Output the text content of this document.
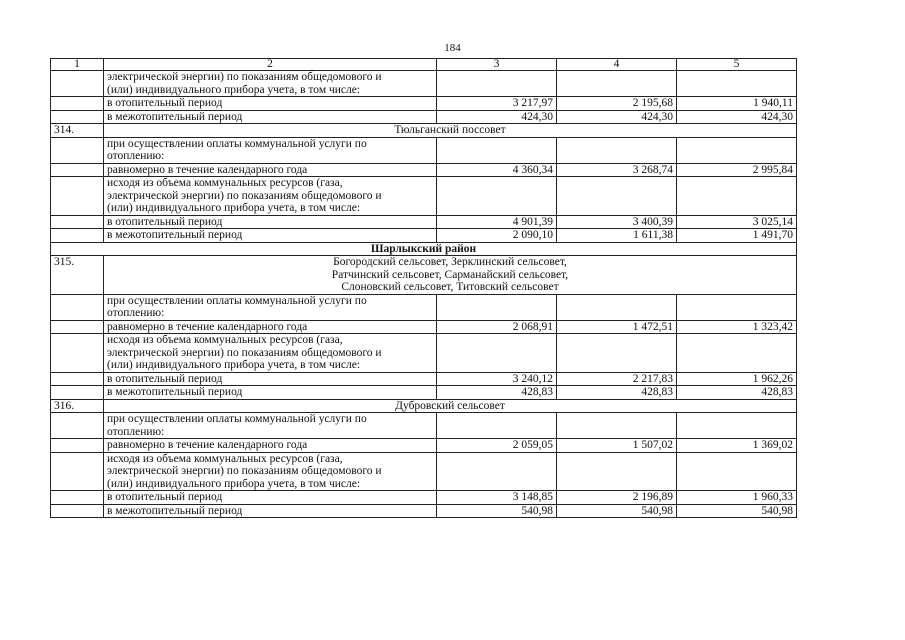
184
1	2	3	4	5

	электрической энергии) по показаниям общедомового и
(или) индивидуального прибора учета, в том числе:			

	в отопительный период	3 217,97	2 195,68	1 940,11
	в межотопительный период	424,30	424,30	424,30
314.	Тюльганский поссовет			

	при осуществлении оплаты коммунальной услуги по
отоплению:			

	равномерно в течение календарного года	4 360,34	3 268,74	2 995,84

	исходя из объема коммунальных ресурсов (газа,
электрической энергии) по показаниям общедомового и
(или) индивидуального прибора учета, в том числе:			

	в отопительный период	4 901,39	3 400,39	3 025,14
	в межотопительный период	2 090,10	1 611,38	1 491,70
Шарлыкский район				
315.	Богородский сельсовет, Зерклинский сельсовет,
Ратчинский сельсовет, Сарманайский сельсовет,
Слоновский сельсовет, Титовский сельсовет			

	при осуществлении оплаты коммунальной услуги по
отоплению:			

	равномерно в течение календарного года	2 068,91	1 472,51	1 323,42

	исходя из объема коммунальных ресурсов (газа,
электрической энергии) по показаниям общедомового и
(или) индивидуального прибора учета, в том числе:			

	в отопительный период	3 240,12	2 217,83	1 962,26
	в межотопительный период	428,83	428,83	428,83
316.	Дубровский сельсовет			

	при осуществлении оплаты коммунальной услуги по
отоплению:			

	равномерно в течение календарного года	2 059,05	1 507,02	1 369,02

	исходя из объема коммунальных ресурсов (газа,
электрической энергии) по показаниям общедомового и
(или) индивидуального прибора учета, в том числе:			

	в отопительный период	3 148,85	2 196,89	1 960,33
	в межотопительный период	540,98	540,98	540,98
